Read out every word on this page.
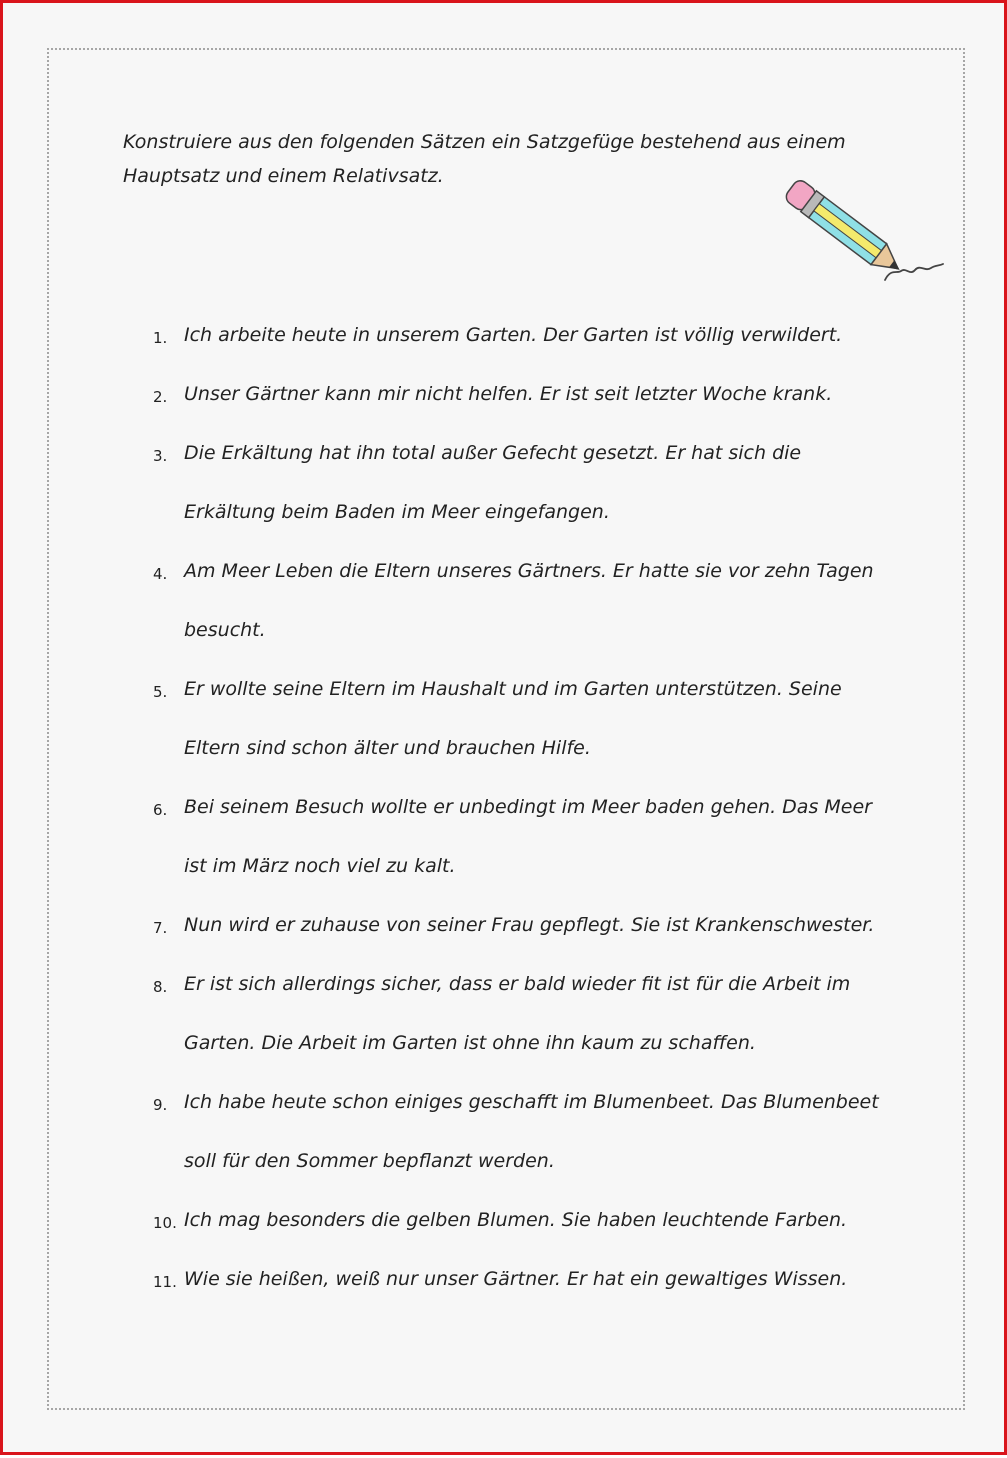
Konstruiere aus den folgenden Sätzen ein Satzgefüge bestehend aus einem
Hauptsatz und einem Relativsatz.

1. Ich arbeite heute in unserem Garten. Der Garten ist völlig verwildert.
2. Unser Gärtner kann mir nicht helfen. Er ist seit letzter Woche krank.
3. Die Erkältung hat ihn total außer Gefecht gesetzt. Er hat sich die
Erkältung beim Baden im Meer eingefangen.
4. Am Meer Leben die Eltern unseres Gärtners. Er hatte sie vor zehn Tagen
besucht.
5. Er wollte seine Eltern im Haushalt und im Garten unterstützen. Seine
Eltern sind schon älter und brauchen Hilfe.
6. Bei seinem Besuch wollte er unbedingt im Meer baden gehen. Das Meer
ist im März noch viel zu kalt.
7. Nun wird er zuhause von seiner Frau gepflegt. Sie ist Krankenschwester.
8. Er ist sich allerdings sicher, dass er bald wieder fit ist für die Arbeit im
Garten. Die Arbeit im Garten ist ohne ihn kaum zu schaffen.
9. Ich habe heute schon einiges geschafft im Blumenbeet. Das Blumenbeet
soll für den Sommer bepflanzt werden.
10. Ich mag besonders die gelben Blumen. Sie haben leuchtende Farben.
11. Wie sie heißen, weiß nur unser Gärtner. Er hat ein gewaltiges Wissen.
